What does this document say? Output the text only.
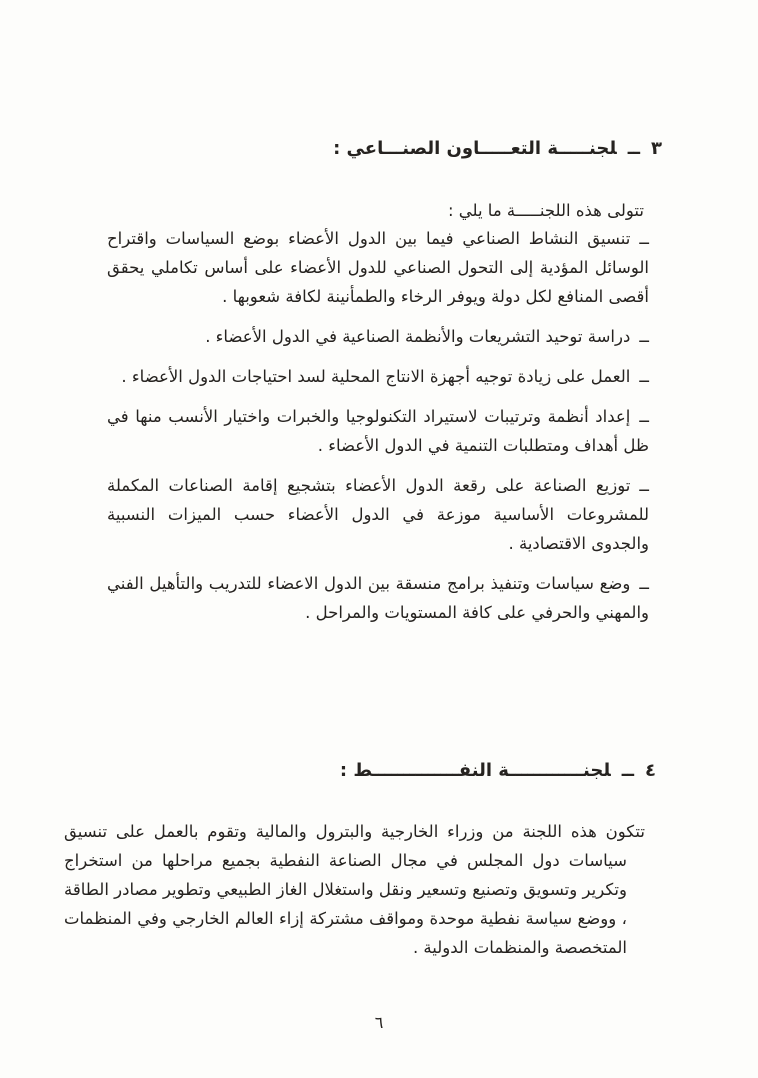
٣ــلجنـــــة التعـــــاون الصنـــاعي :

تتولى هذه اللجنـــــة ما يلي :

ــتنسيق النشاط الصناعي فيما بين الدول الأعضاء بوضع السياسات واقتراح الوسائل المؤدية إلى التحول الصناعي للدول الأعضاء على أساس تكاملي يحقق أقصى المنافع لكل دولة ويوفر الرخاء والطمأنينة لكافة شعوبها .
ــدراسة توحيد التشريعات والأنظمة الصناعية في الدول الأعضاء .
ــالعمل على زيادة توجيه أجهزة الانتاج المحلية لسد احتياجات الدول الأعضاء .
ــإعداد أنظمة وترتيبات لاستيراد التكنولوجيا والخبرات واختيار الأنسب منها في ظل أهداف ومتطلبات التنمية في الدول الأعضاء .
ــتوزيع الصناعة على رقعة الدول الأعضاء بتشجيع إقامة الصناعات المكملة للمشروعات الأساسية موزعة في الدول الأعضاء حسب الميزات النسبية والجدوى الاقتصادية .
ــوضع سياسات وتنفيذ برامج منسقة بين الدول الاعضاء للتدريب والتأهيل الفني والمهني والحرفي على كافة المستويات والمراحل .
٤ــلجنــــــــــــة النفــــــــــــــط :

تتكون هذه اللجنة من وزراء الخارجية والبترول والمالية وتقوم بالعمل على تنسيق سياسات دول المجلس في مجال الصناعة النفطية بجميع مراحلها من استخراج وتكرير وتسويق وتصنيع وتسعير ونقل واستغلال الغاز الطبيعي وتطوير مصادر الطاقة ، ووضع سياسة نفطية موحدة ومواقف مشتركة إزاء العالم الخارجي وفي المنظمات المتخصصة والمنظمات الدولية .

٦
